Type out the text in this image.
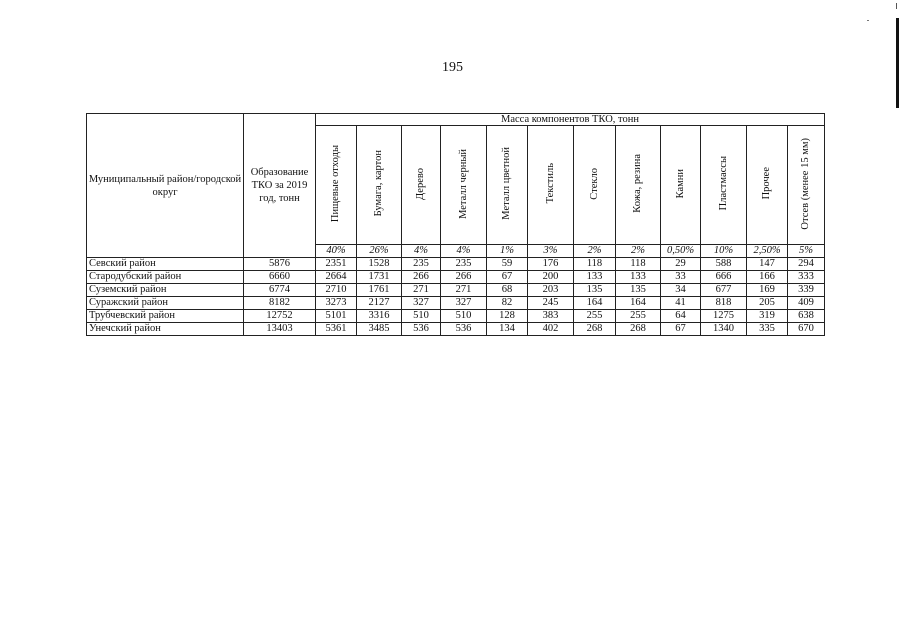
195
Муниципальный район/городской округ	Образование ТКО за 2019 год, тонн	Масса компонентов ТКО, тонн											
		Пищевые отходы	Бумага, картон	Дерево	Металл черный	Металл цветной	Текстиль	Стекло	Кожа, резина	Камни	Пластмассы	Прочее	Отсев (менее 15 мм)
		40%	26%	4%	4%	1%	3%	2%	2%	0,50%	10%	2,50%	5%
Севский район	5876	2351	1528	235	235	59	176	118	118	29	588	147	294
Стародубский район	6660	2664	1731	266	266	67	200	133	133	33	666	166	333
Суземский район	6774	2710	1761	271	271	68	203	135	135	34	677	169	339
Суражский район	8182	3273	2127	327	327	82	245	164	164	41	818	205	409
Трубчевский район	12752	5101	3316	510	510	128	383	255	255	64	1275	319	638
Унечский район	13403	5361	3485	536	536	134	402	268	268	67	1340	335	670
